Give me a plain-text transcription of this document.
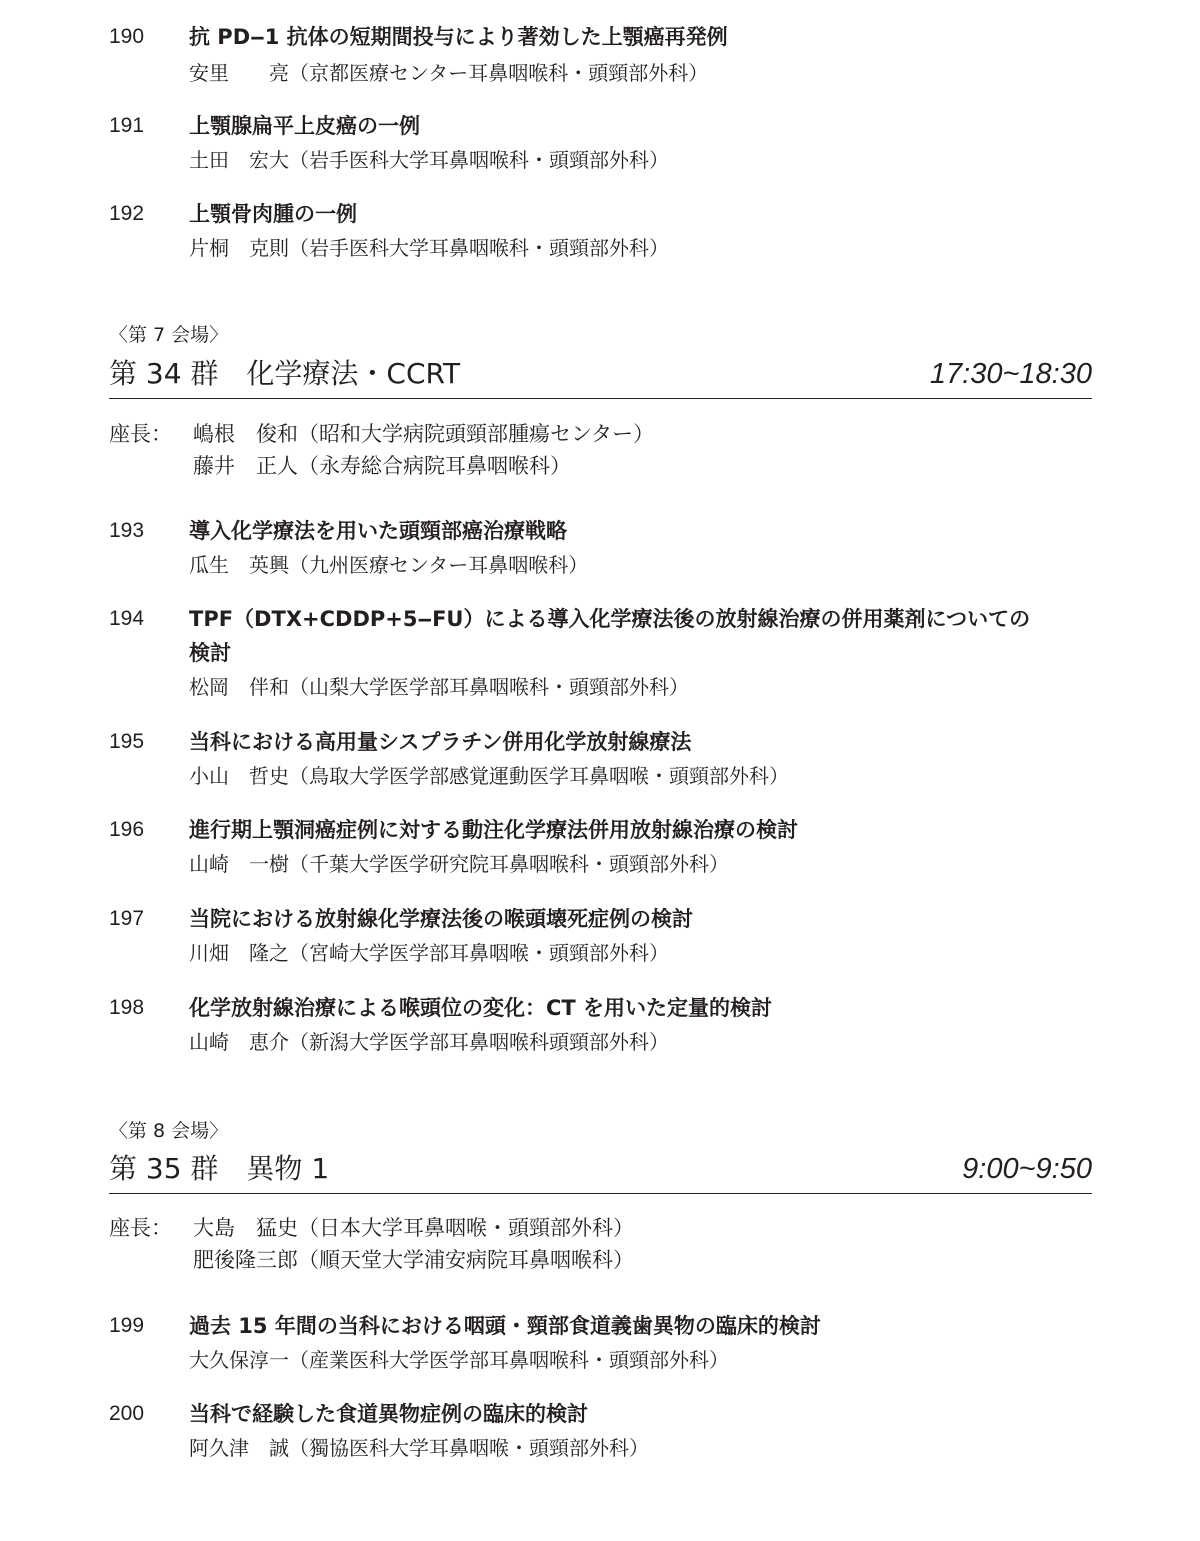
190 抗 PD‒1 抗体の短期間投与により著効した上顎癌再発例
安里　　亮（京都医療センター耳鼻咽喉科・頭頸部外科）
191 上顎腺扁平上皮癌の一例
土田　宏大（岩手医科大学耳鼻咽喉科・頭頸部外科）
192 上顎骨肉腫の一例
片桐　克則（岩手医科大学耳鼻咽喉科・頭頸部外科）
〈第 7 会場〉
第 34 群　化学療法・CCRT	17:30~18:30
座長： 嶋根　俊和（昭和大学病院頭頸部腫瘍センター）
藤井　正人（永寿総合病院耳鼻咽喉科）
193 導入化学療法を用いた頭頸部癌治療戦略
瓜生　英興（九州医療センター耳鼻咽喉科）
194 TPF（DTX+CDDP+5‒FU）による導入化学療法後の放射線治療の併用薬剤についての
検討
松岡　伴和（山梨大学医学部耳鼻咽喉科・頭頸部外科）
195 当科における高用量シスプラチン併用化学放射線療法
小山　哲史（鳥取大学医学部感覚運動医学耳鼻咽喉・頭頸部外科）
196 進行期上顎洞癌症例に対する動注化学療法併用放射線治療の検討
山崎　一樹（千葉大学医学研究院耳鼻咽喉科・頭頸部外科）
197 当院における放射線化学療法後の喉頭壊死症例の検討
川畑　隆之（宮崎大学医学部耳鼻咽喉・頭頸部外科）
198 化学放射線治療による喉頭位の変化：CT を用いた定量的検討
山崎　恵介（新潟大学医学部耳鼻咽喉科頭頸部外科）
〈第 8 会場〉
第 35 群　異物 1	9:00~9:50
座長： 大島　猛史（日本大学耳鼻咽喉・頭頸部外科）
肥後隆三郎（順天堂大学浦安病院耳鼻咽喉科）
199 過去 15 年間の当科における咽頭・頸部食道義歯異物の臨床的検討
大久保淳一（産業医科大学医学部耳鼻咽喉科・頭頸部外科）
200 当科で経験した食道異物症例の臨床的検討
阿久津　誠（獨協医科大学耳鼻咽喉・頭頸部外科）
